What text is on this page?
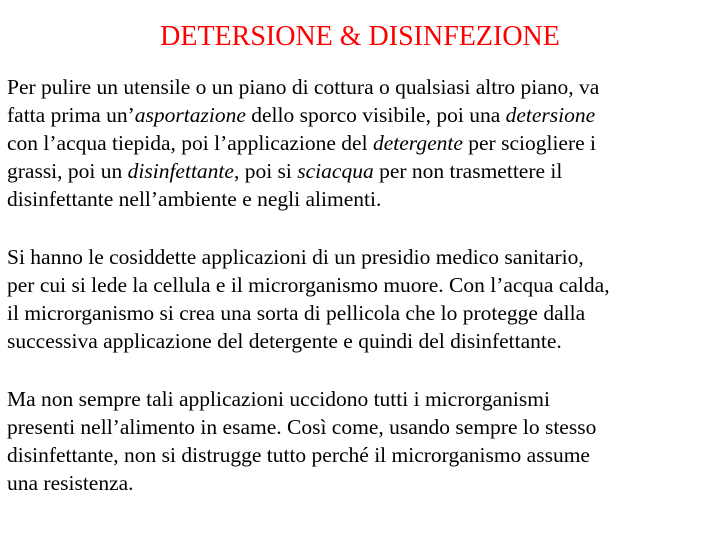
DETERSIONE & DISINFEZIONE

Per pulire un utensile o un piano di cottura o qualsiasi altro piano, va
fatta prima un’asportazione dello sporco visibile, poi una detersione
con l’acqua tiepida, poi l’applicazione del detergente per sciogliere i
grassi, poi un disinfettante, poi si sciacqua per non trasmettere il
disinfettante nell’ambiente e negli alimenti.

Si hanno le cosiddette applicazioni di un presidio medico sanitario,
per cui si lede la cellula e il microrganismo muore. Con l’acqua calda,
il microrganismo si crea una sorta di pellicola che lo protegge dalla
successiva applicazione del detergente e quindi del disinfettante.

Ma non sempre tali applicazioni uccidono tutti i microrganismi
presenti nell’alimento in esame. Così come, usando sempre lo stesso
disinfettante, non si distrugge tutto perché il microrganismo assume
una resistenza.
